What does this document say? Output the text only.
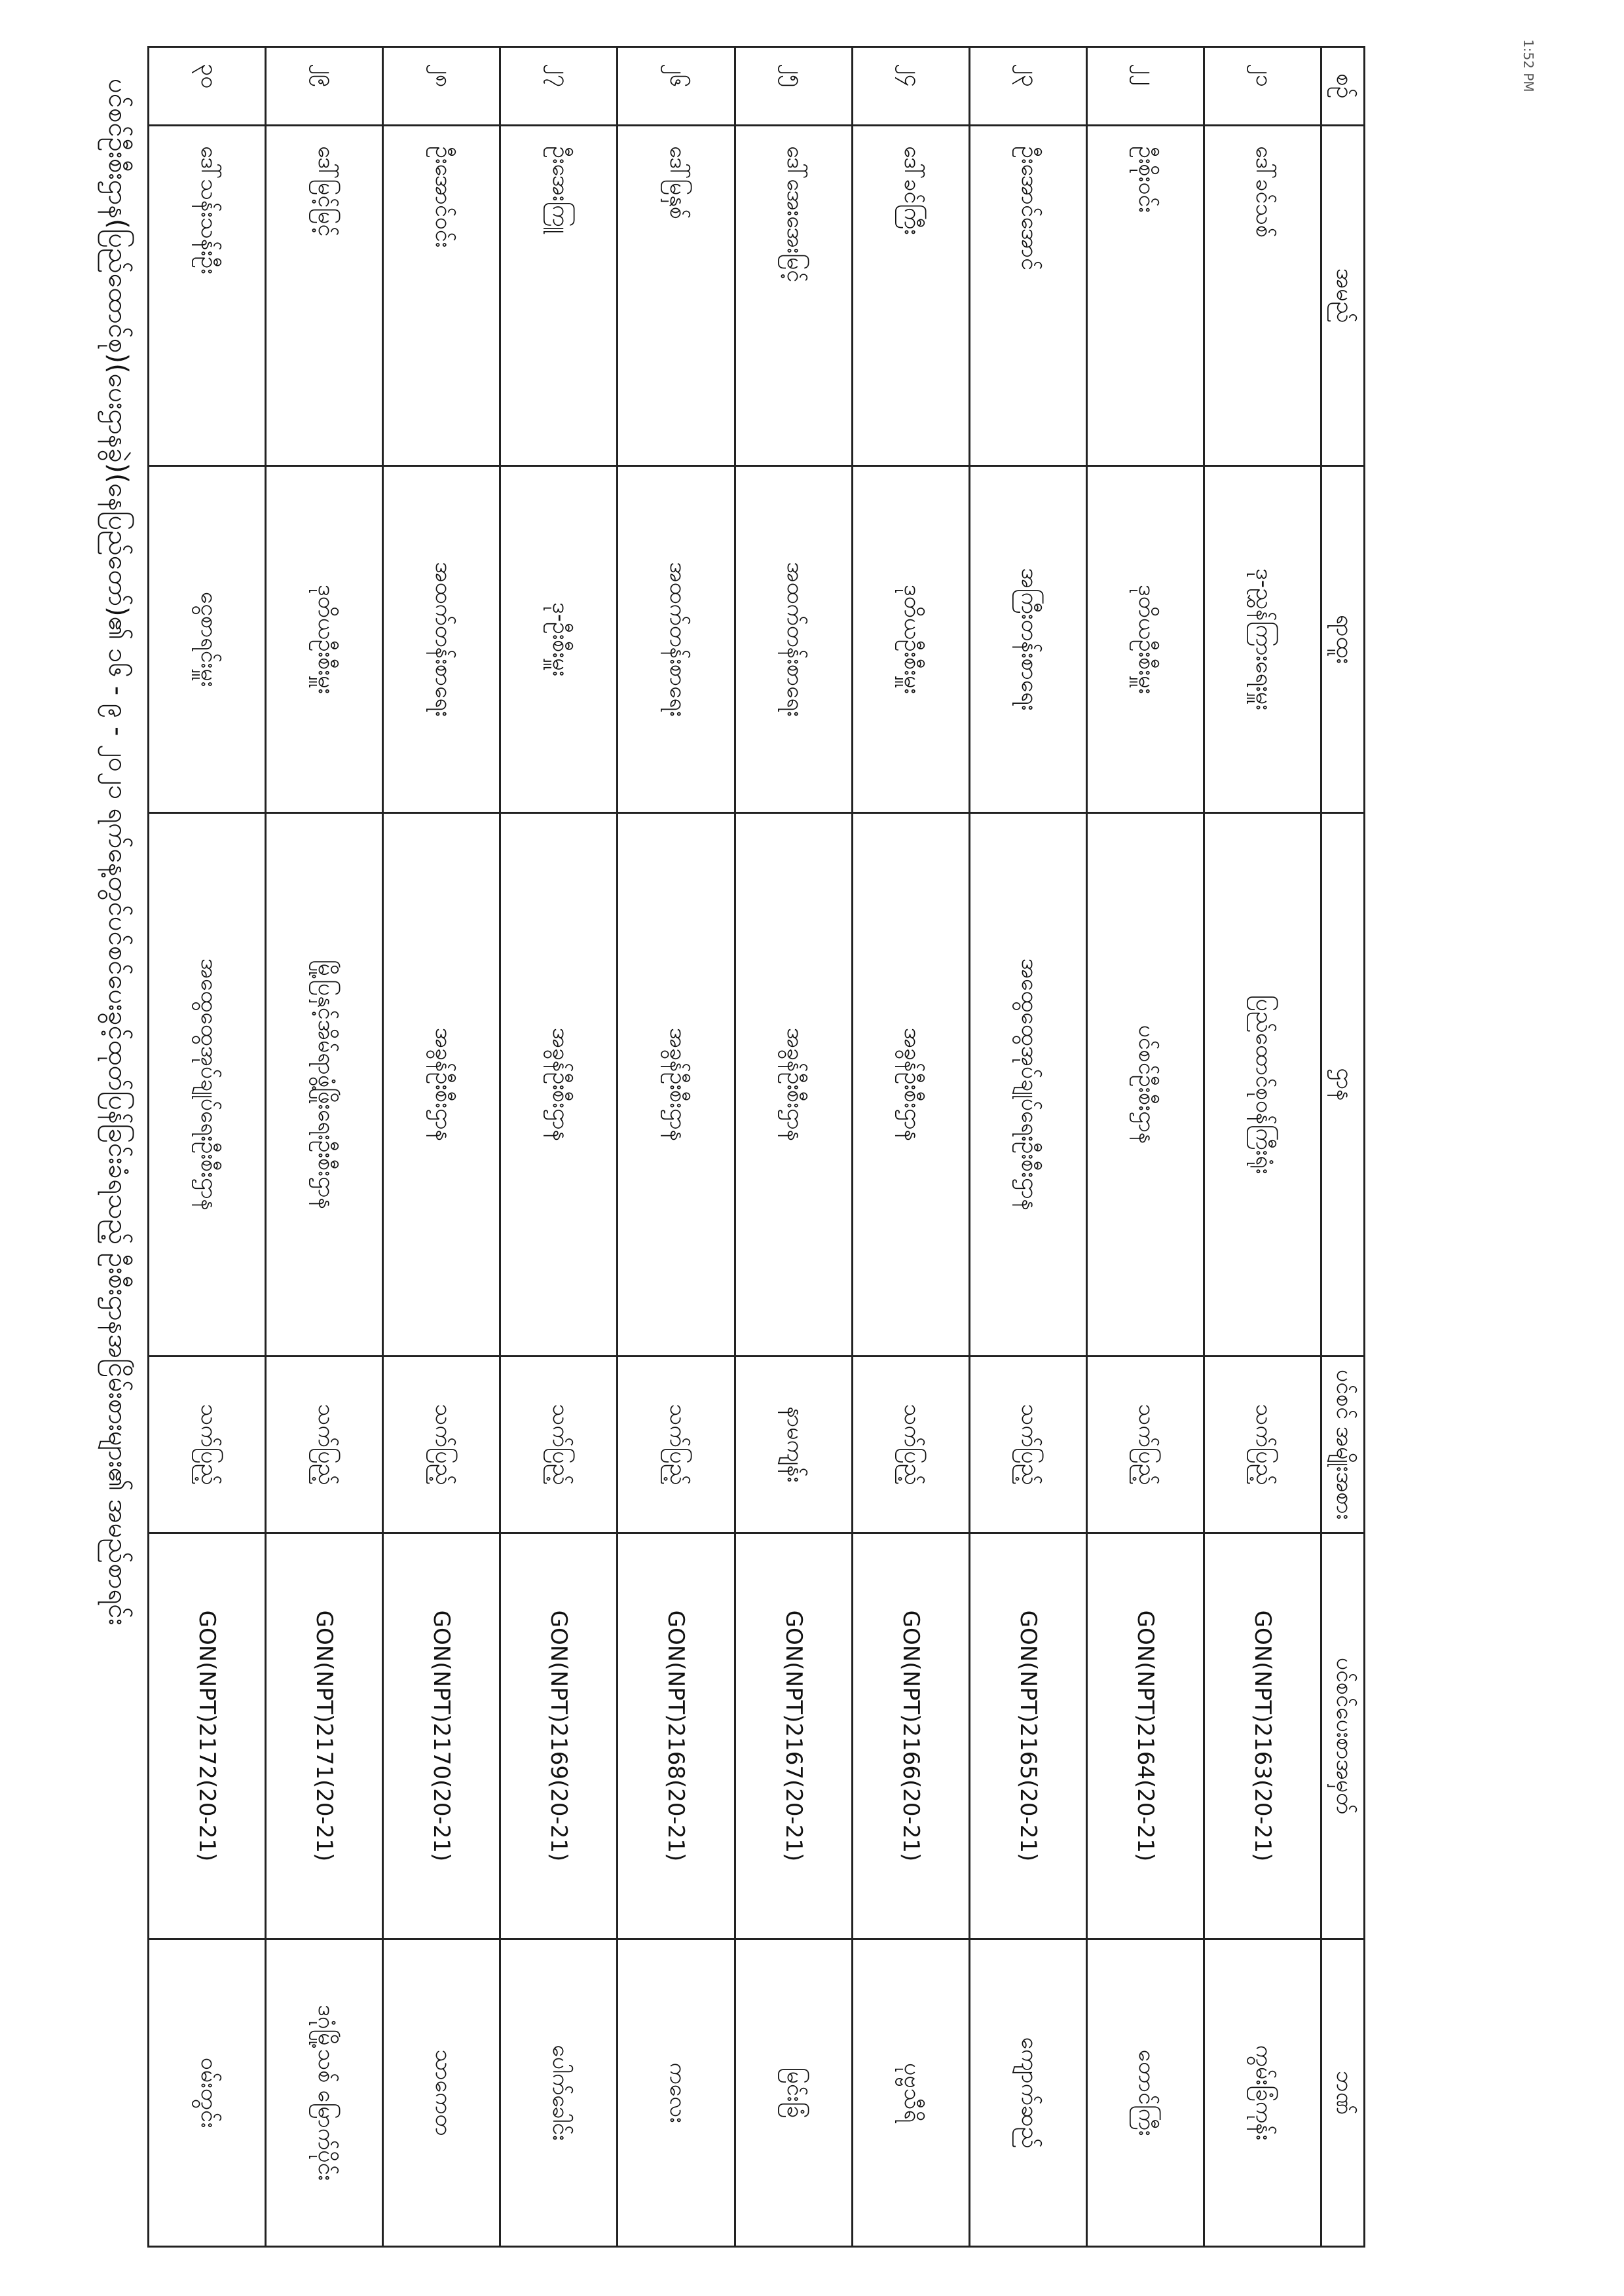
1:52 PM
ပင်စင်ဦးစီးဌာန(ပြည်ထောင်စု)(ပေးဌာနခွဲ)(နေပြည်တော်)၏ ၁၆ - ၉ - ၂၀၂၁ ရက်နေ့တွင်ပင်စင်ပေးခွင့်ထုတ်ပြန်ခြင်းခံရသည့် ဦးစီးဌာနအငြိမ်းစားများ၏ အမည်စာရင်း	စဉ်	အမည်	ရာထူး	ဌာန	ပင်စင် အမျိုးအစား	ပင်စင်ပေးစာအမှတ်	ဘဏ်
၂၁	ဒေါ်ခင်သစ်	ဒု-ညွှန်ကြားရေးမှူး	ပြည်ထောင်စုဝန်ကြီးရုံး	သက်ပြည့်	GON(NPT)2163(20-21)	ကွမ်းခြံကုန်း
၂၂	ဦးစိုးဝင်း	ဒုတိယဦးစီးမှူး	ပင်စင်ဦးစီးဌာန	သက်ပြည့်	GON(NPT)2164(20-21)	တောင်ကြီး
၂၃	ဦးအောင်အောင်	အကြီးတန်းစာရေး	အထွေထွေအုပ်ချုပ်ရေးဦးစီးဌာန	သက်ပြည့်	GON(NPT)2165(20-21)	ကျောက်ဆည်
၂၄	ဒေါ်ခင်ကြီး	ဒုတိယဦးစီးမှူး	အခွန်ဦးစီးဌာန	သက်ပြည့်	GON(NPT)2166(20-21)	ပုဗ္ဗသီရိ
၂၅	ဒေါ်အေးအေးမြင့်	အထက်တန်းစာရေး	အခွန်ဦးစီးဌာန	နာမကျန်း	GON(NPT)2167(20-21)	မြင်းခြံ
၂၆	ဒေါ်မြနှစ်	အထက်တန်းစာရေး	အခွန်ဦးစီးဌာန	သက်ပြည့်	GON(NPT)2168(20-21)	ကလေး
၂၇	ဦးအေးကြူ	ဒု-ဦးစီးမှူး	အခွန်ဦးစီးဌာန	သက်ပြည့်	GON(NPT)2169(20-21)	ပေါက်ခေါင်း
၂၈	ဦးအောင်ဝင်း	အထက်တန်းစာရေး	အခွန်ဦးစီးဌာန	သက်ပြည့်	GON(NPT)2170(20-21)	သာကေတ
၂၉	ဒေါ်မြင့်မြင့်	ဒုတိယဦးစီးမှူး	မြို့ပြနှင့်အိမ်ရာဖွံ့ဖြိုးရေးဦးစီးဌာန	သက်ပြည့်	GON(NPT)2171(20-21)	ဒဂုံမြို့သစ် မြောက်ပိုင်း
၃၀	ဒေါ်သန်းသန်းဦး	ငွေစာရင်းမှူး	အထွေထွေအုပ်ချုပ်ရေးဦးစီးဌာန	သက်ပြည့်	GON(NPT)2172(20-21)	ဝမ်းတွင်း
